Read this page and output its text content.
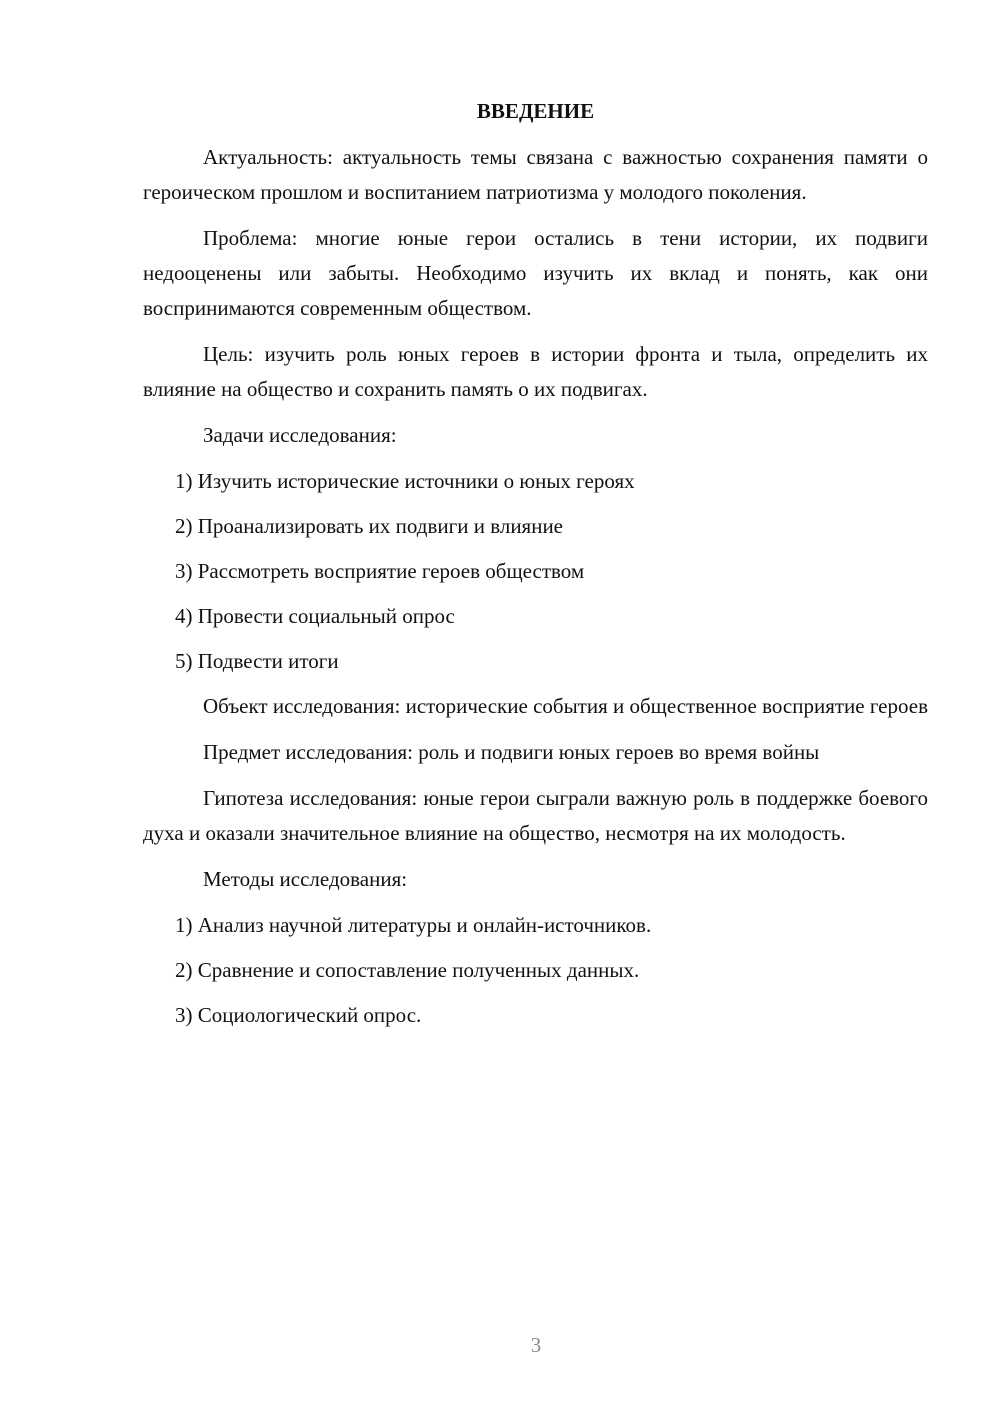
ВВЕДЕНИЕ

Актуальность: актуальность темы связана с важностью сохранения памяти о героическом прошлом и воспитанием патриотизма у молодого поколения.

Проблема: многие юные герои остались в тени истории, их подвиги недооценены или забыты. Необходимо изучить их вклад и понять, как они воспринимаются современным обществом.

Цель: изучить роль юных героев в истории фронта и тыла, определить их влияние на общество и сохранить память о их подвигах.

Задачи исследования:

1) Изучить исторические источники о юных героях
2) Проанализировать их подвиги и влияние
3) Рассмотреть восприятие героев обществом
4) Провести социальный опрос
5) Подвести итоги

Объект исследования: исторические события и общественное восприятие героев

Предмет исследования: роль и подвиги юных героев во время войны

Гипотеза исследования: юные герои сыграли важную роль в поддержке боевого духа и оказали значительное влияние на общество, несмотря на их молодость.

Методы исследования:

1) Анализ научной литературы и онлайн-источников.
2) Сравнение и сопоставление полученных данных.
3) Социологический опрос.
3
